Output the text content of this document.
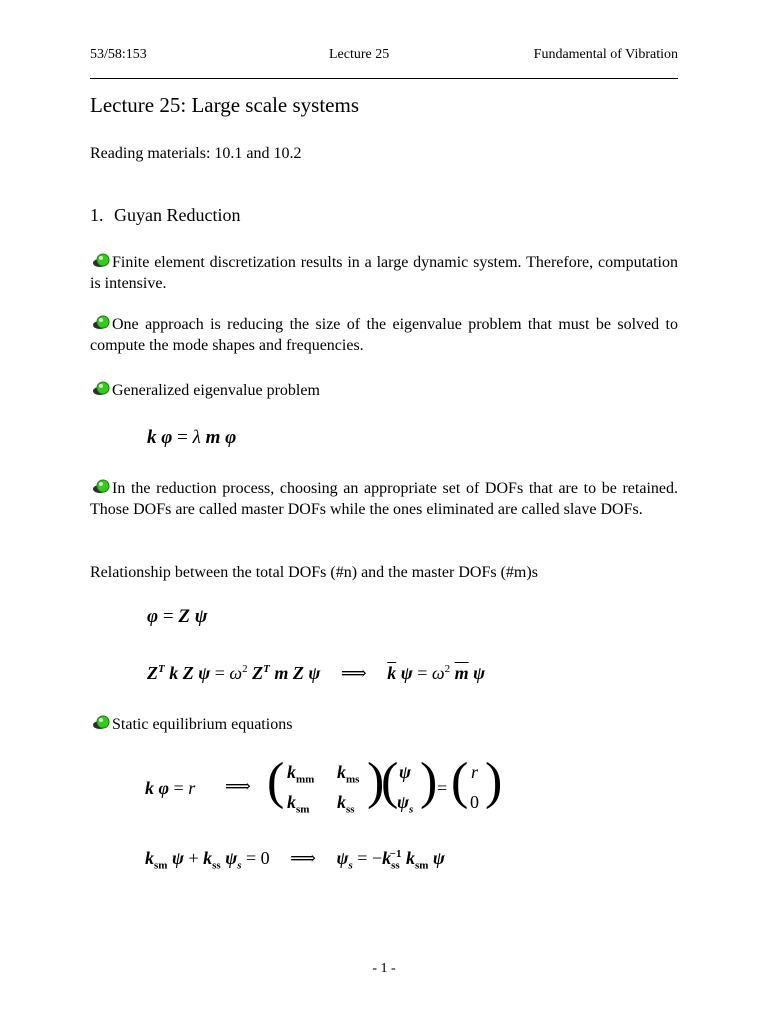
53/58:153	Lecture 25	Fundamental of Vibration
Lecture 25: Large scale systems
Reading materials: 10.1 and 10.2
1. Guyan Reduction
Finite element discretization results in a large dynamic system. Therefore, computation is intensive.
One approach is reducing the size of the eigenvalue problem that must be solved to compute the mode shapes and frequencies.
Generalized eigenvalue problem
k φ = λ m φ
In the reduction process, choosing an appropriate set of DOFs that are to be retained. Those DOFs are called master DOFs while the ones eliminated are called slave DOFs.
Relationship between the total DOFs (#n) and the master DOFs (#m)s
φ = Z ψ
$Z^T$ k Z $\psi = \omega^2$ $Z^T$ m Z ψ ⟹ $\overline{k}$ $\psi = \omega^2$ $\overline{m}$ ψ
Static equilibrium equations
k φ = r ⟹ ( $k_{mm}$ $k_{ms}$
$k_{sm}$ $k_{ss}$ )
( ψ
$\psi_s$ ) = ( r
0 )
$k_{sm}$ $\psi + k_{ss}$ $\psi_s = 0$ ⟹ $\psi_s = -k_{ss}^{-1}$ $k_{sm}$ ψ
- 1 -
